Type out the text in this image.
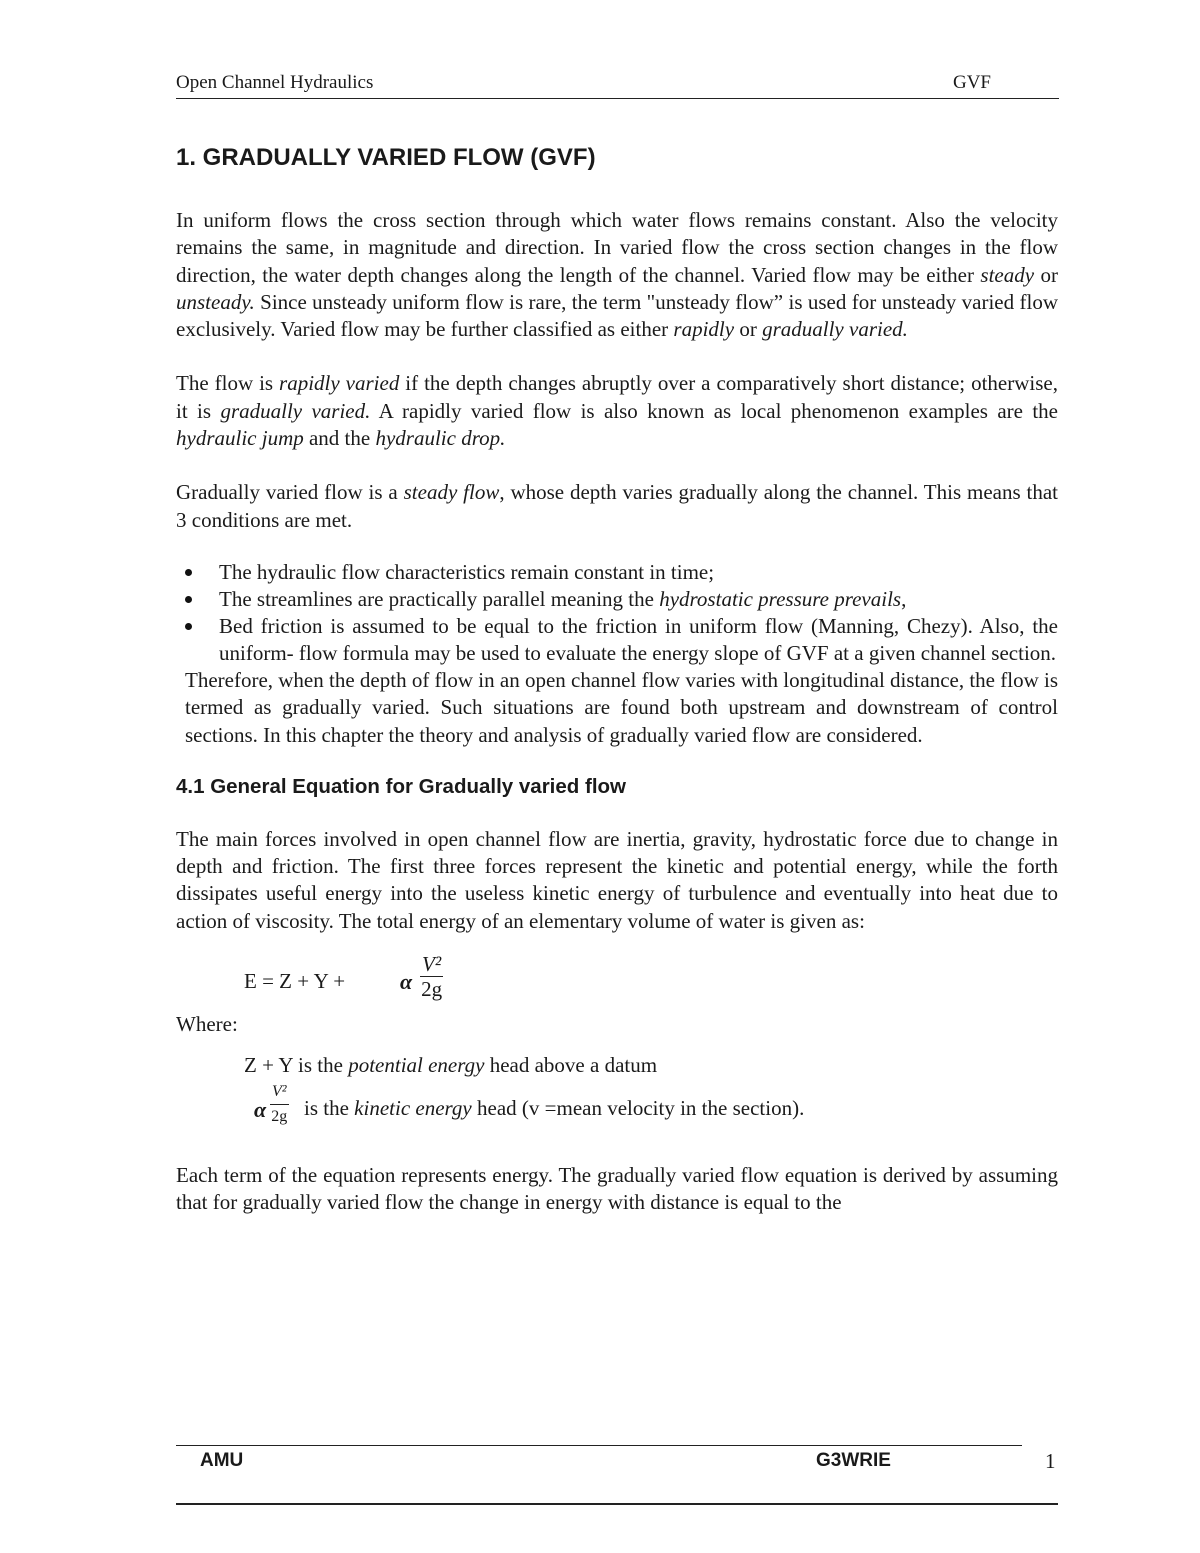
Open Channel Hydraulics	GVF
1. GRADUALLY VARIED FLOW (GVF)

In uniform flows the cross section through which water flows remains constant. Also the velocity remains the same, in magnitude and direction. In varied flow the cross section changes in the flow direction, the water depth changes along the length of the channel. Varied flow may be either steady or unsteady. Since unsteady uniform flow is rare, the term "unsteady flow” is used for unsteady varied flow exclusively. Varied flow may be further classified as either rapidly or gradually varied.

The flow is rapidly varied if the depth changes abruptly over a comparatively short distance; otherwise, it is gradually varied. A rapidly varied flow is also known as local phenomenon examples are the hydraulic jump and the hydraulic drop.

Gradually varied flow is a steady flow, whose depth varies gradually along the channel. This means that 3 conditions are met.

The hydraulic flow characteristics remain constant in time;
The streamlines are practically parallel meaning the hydrostatic pressure prevails,
Bed friction is assumed to be equal to the friction in uniform flow (Manning, Chezy). Also, the uniform- flow formula may be used to evaluate the energy slope of GVF at a given channel section.

Therefore, when the depth of flow in an open channel flow varies with longitudinal distance, the flow is termed as gradually varied. Such situations are found both upstream and downstream of control sections. In this chapter the theory and analysis of gradually varied flow are considered.

4.1 General Equation for Gradually varied flow

The main forces involved in open channel flow are inertia, gravity, hydrostatic force due to change in depth and friction. The first three forces represent the kinetic and potential energy, while the forth dissipates useful energy into the useless kinetic energy of turbulence and eventually into heat due to action of viscosity. The total energy of an elementary volume of water is given as:

E = Z + Y + α $\frac{\text{V²}}{2g}$

Where:

Z + Y is the potential energy head above a datum

α $\frac{\text{V²}}{2g}$ is the kinetic energy head (v =mean velocity in the section).

Each term of the equation represents energy. The gradually varied flow equation is derived by assuming that for gradually varied flow the change in energy with distance is equal to the

AMU	G3WRIE	1
